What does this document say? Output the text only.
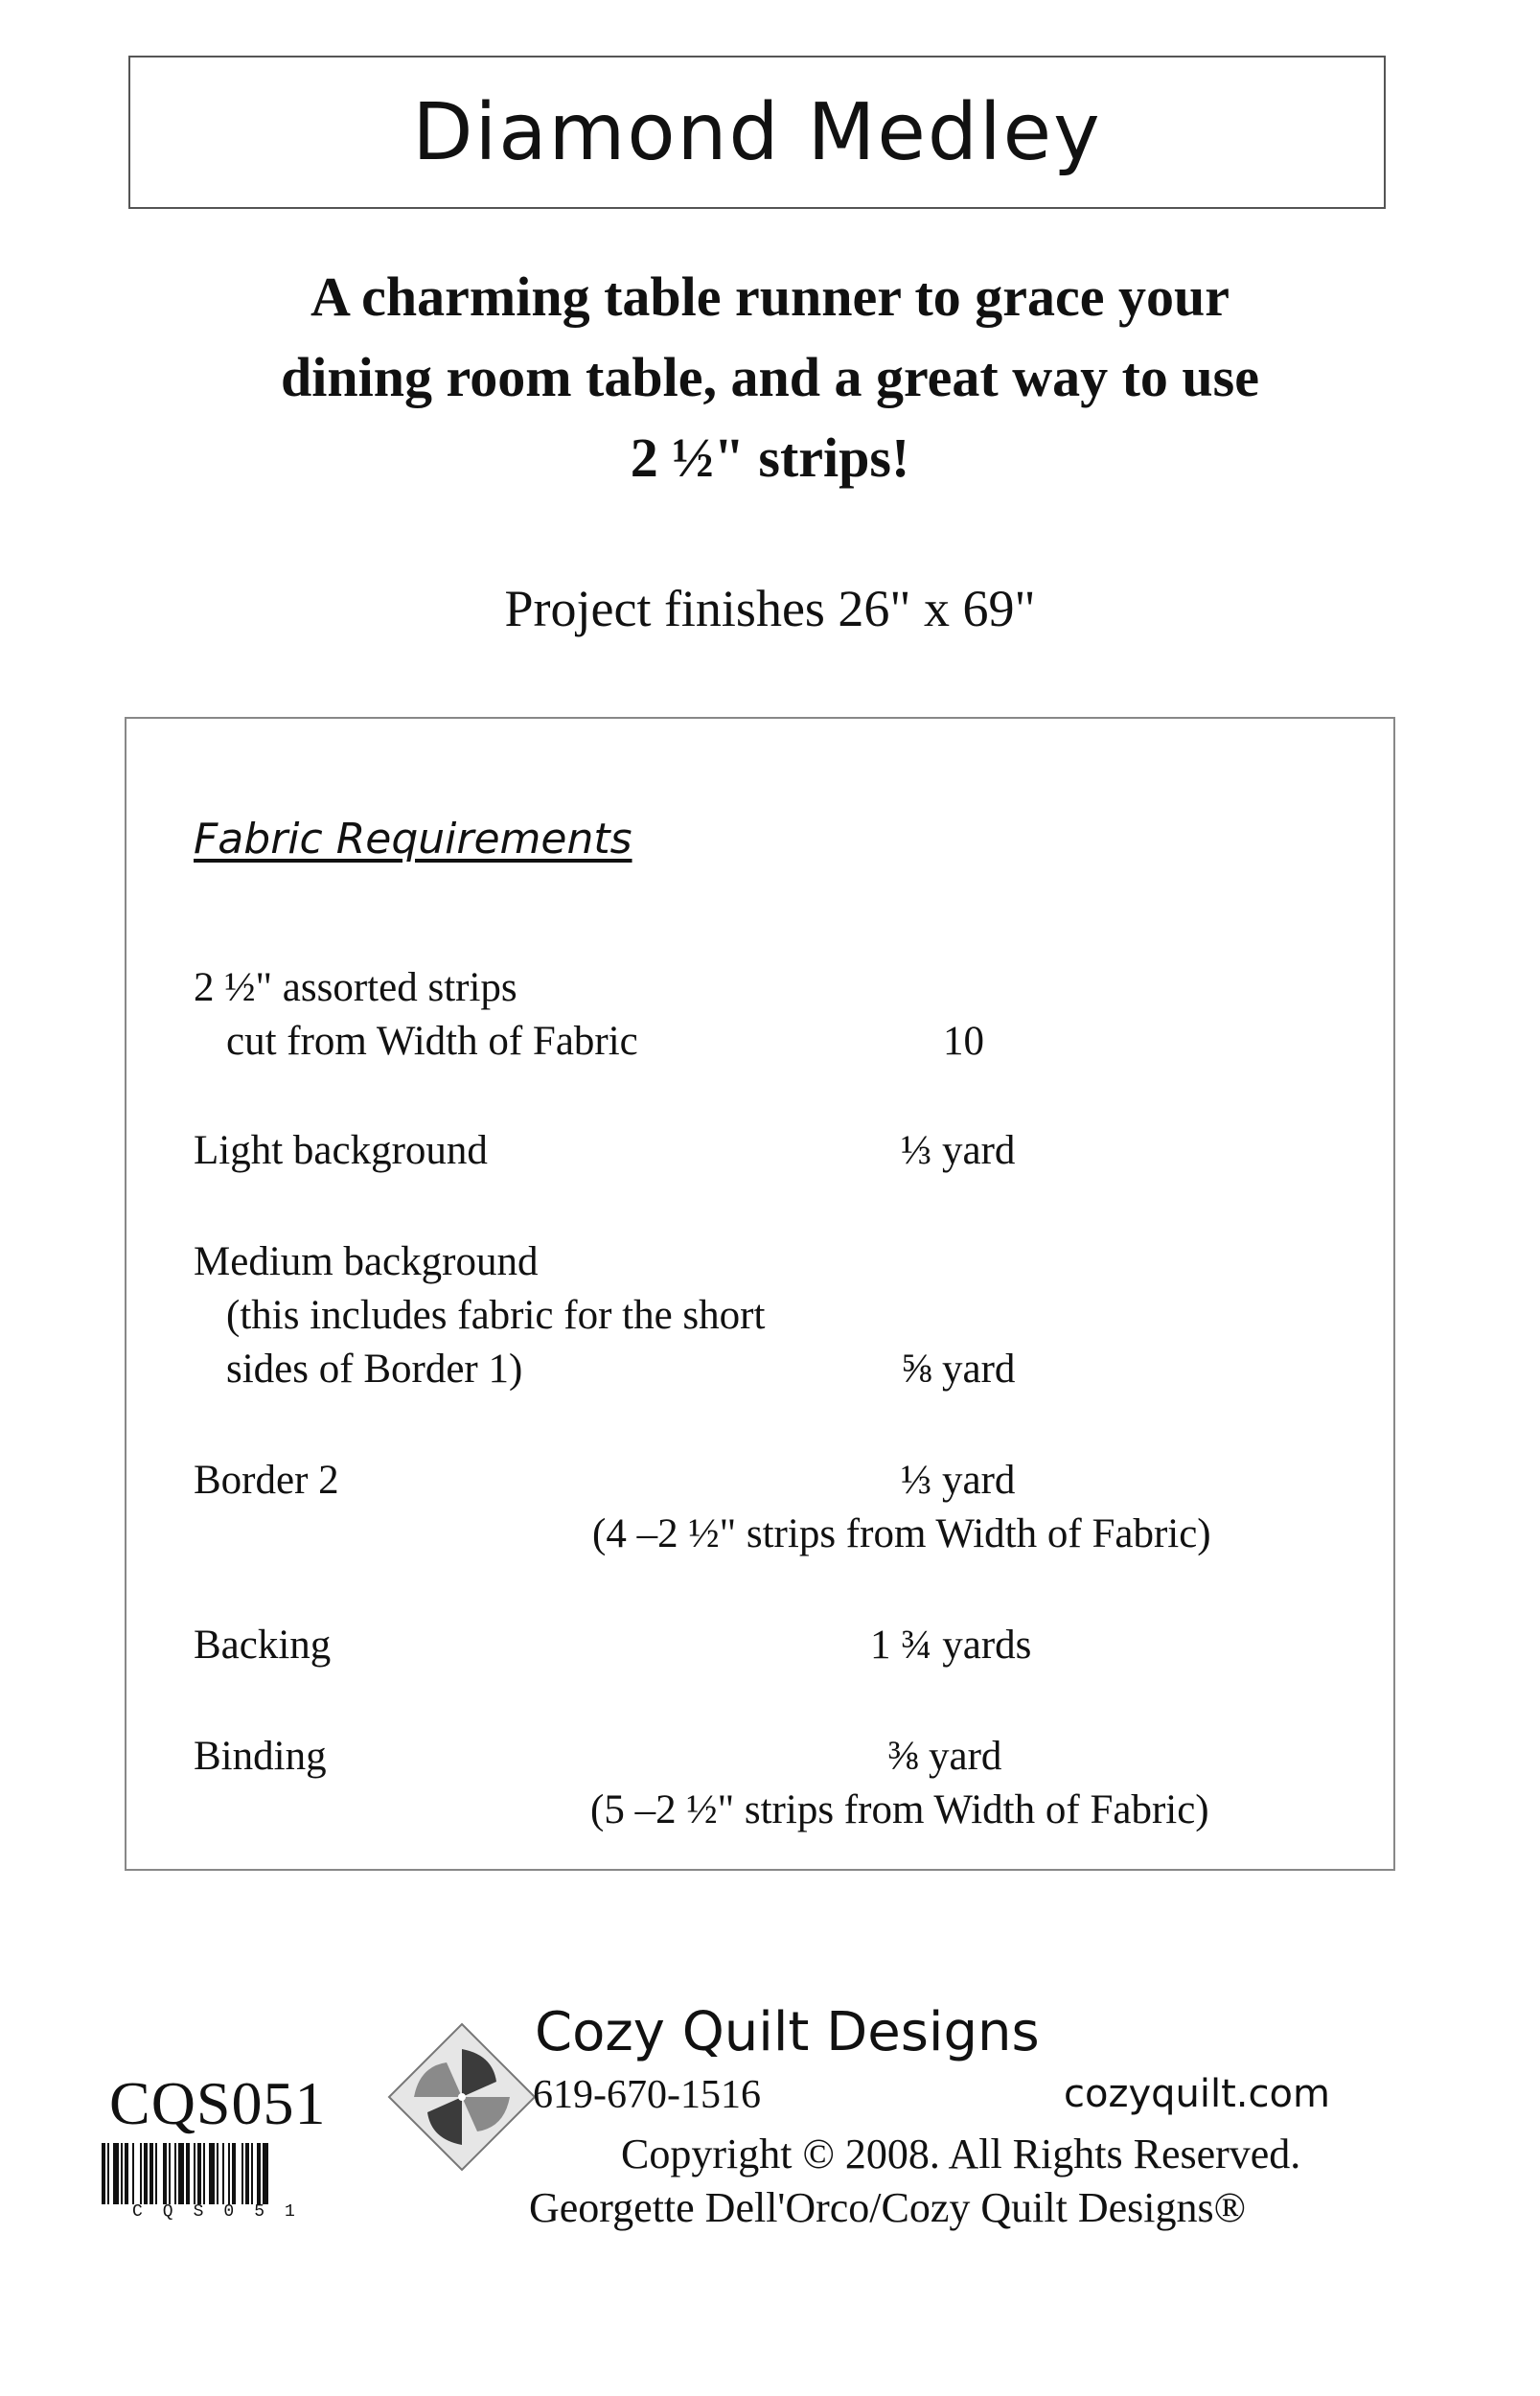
Diamond Medley
A charming table runner to grace your
dining room table, and a great way to use
2 ½" strips!
Project finishes 26" x 69"
Fabric Requirements
2 ½" assorted strips
cut from Width of Fabric	10
Light background	⅓ yard
Medium background
(this includes fabric for the short
sides of Border 1)	⅝ yard
Border 2	⅓ yard
(4 –2 ½" strips from Width of Fabric)
Backing	1 ¾ yards
Binding	⅜ yard
(5 –2 ½" strips from Width of Fabric)
CQS051
CQS051
Cozy Quilt Designs
619-670-1516	cozyquilt.com
Copyright © 2008. All Rights Reserved.
Georgette Dell'Orco/Cozy Quilt Designs®
